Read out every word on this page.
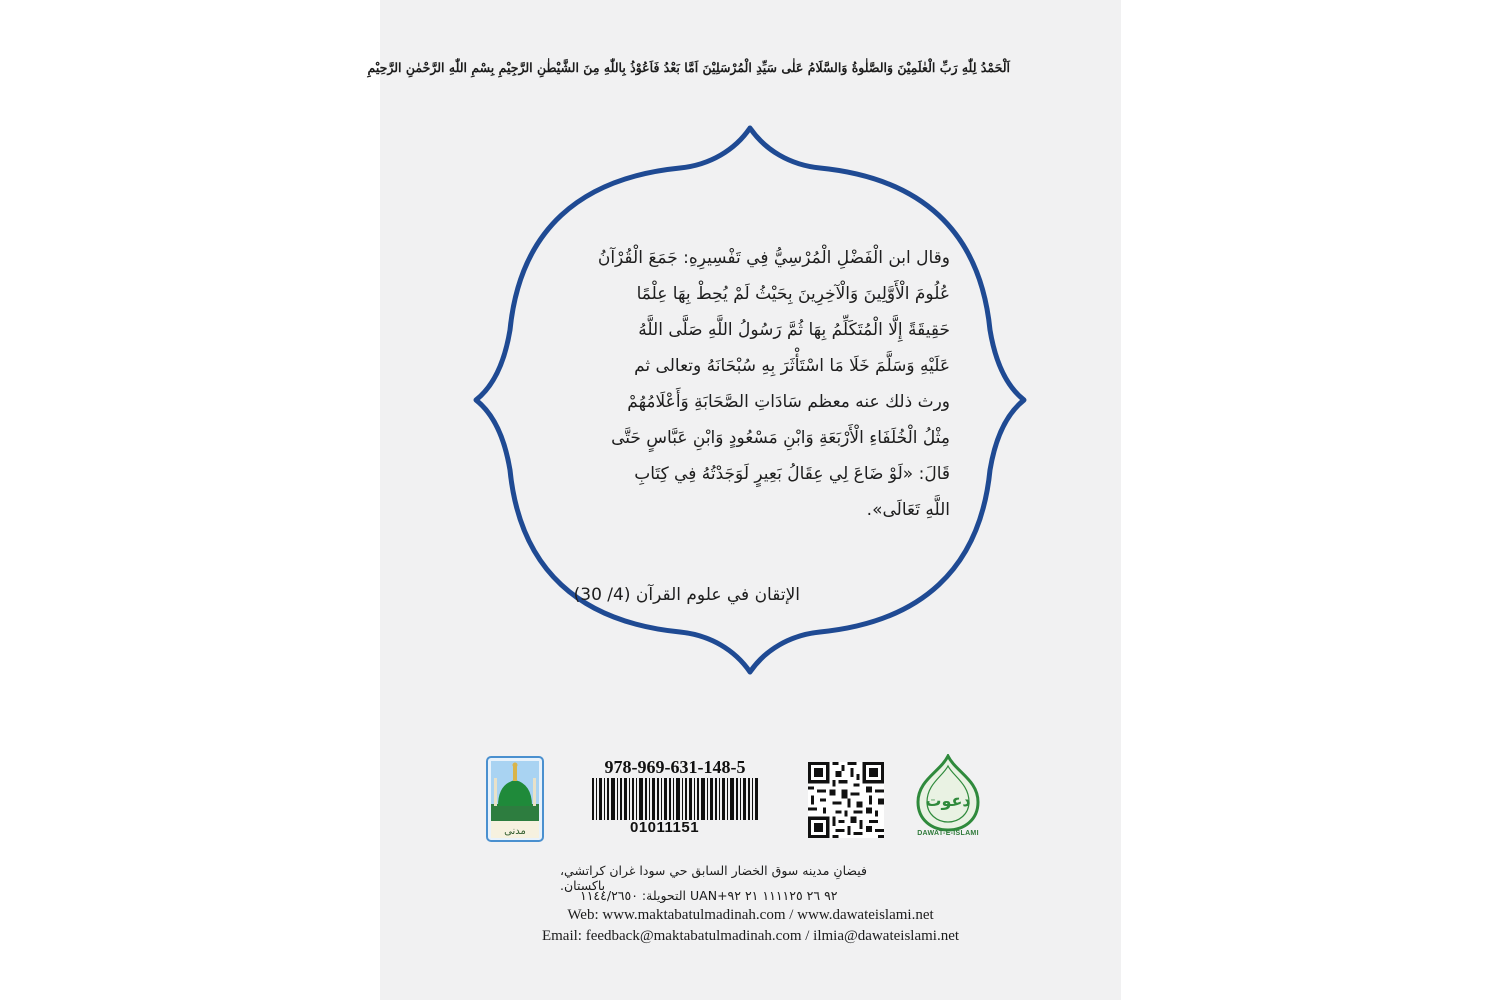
اَلْحَمْدُ لِلّٰهِ رَبِّ الْعٰلَمِيْنَ وَالصَّلٰوةُ وَالسَّلَامُ عَلٰى سَيِّدِ الْمُرْسَلِيْنَ اَمَّا بَعْدُ فَاَعُوْذُ بِاللّٰهِ مِنَ الشَّيْطٰنِ الرَّجِيْمِ بِسْمِ اللّٰهِ الرَّحْمٰنِ الرَّحِيْمِ

وقال ابن الْفَضْلِ الْمُرْسِيُّ فِي تَفْسِيرِهِ: جَمَعَ الْقُرْآنُ

عُلُومَ الْأَوَّلِينَ وَالْآخِرِينَ بِحَيْثُ لَمْ يُحِطْ بِهَا عِلْمًا

حَقِيقَةً إِلَّا الْمُتَكَلِّمُ بِهَا ثُمَّ رَسُولُ اللَّهِ صَلَّى اللَّهُ

عَلَيْهِ وَسَلَّمَ خَلَا مَا اسْتَأْثَرَ بِهِ سُبْحَانَهُ وتعالى ثم

ورث ذلك عنه معظم سَادَاتِ الصَّحَابَةِ وَأَعْلَامُهُمْ

مِثْلُ الْخُلَفَاءِ الْأَرْبَعَةِ وَابْنِ مَسْعُودٍ وَابْنِ عَبَّاسٍ حَتَّى

قَالَ: «لَوْ ضَاعَ لِي عِقَالُ بَعِيرٍ لَوَجَدْتُهُ فِي كِتَابِ

اللَّهِ تَعَالَى».

الإتقان في علوم القرآن (4/ 30)
مدنی
978-969-631-148-5
01011151
دعوت
DAWAT-E-ISLAMI
فيضانِ مدينه سوق الخضار السابق حي سودا غران كراتشي، باكستان.
٩٢ ٢٦ ١١١١٢٥ ٢١ ٩٢+UAN التحويلة: ١١٤٤/٢٦٥٠
Web: www.maktabatulmadinah.com / www.dawateislami.net
Email: feedback@maktabatulmadinah.com / ilmia@dawateislami.net
